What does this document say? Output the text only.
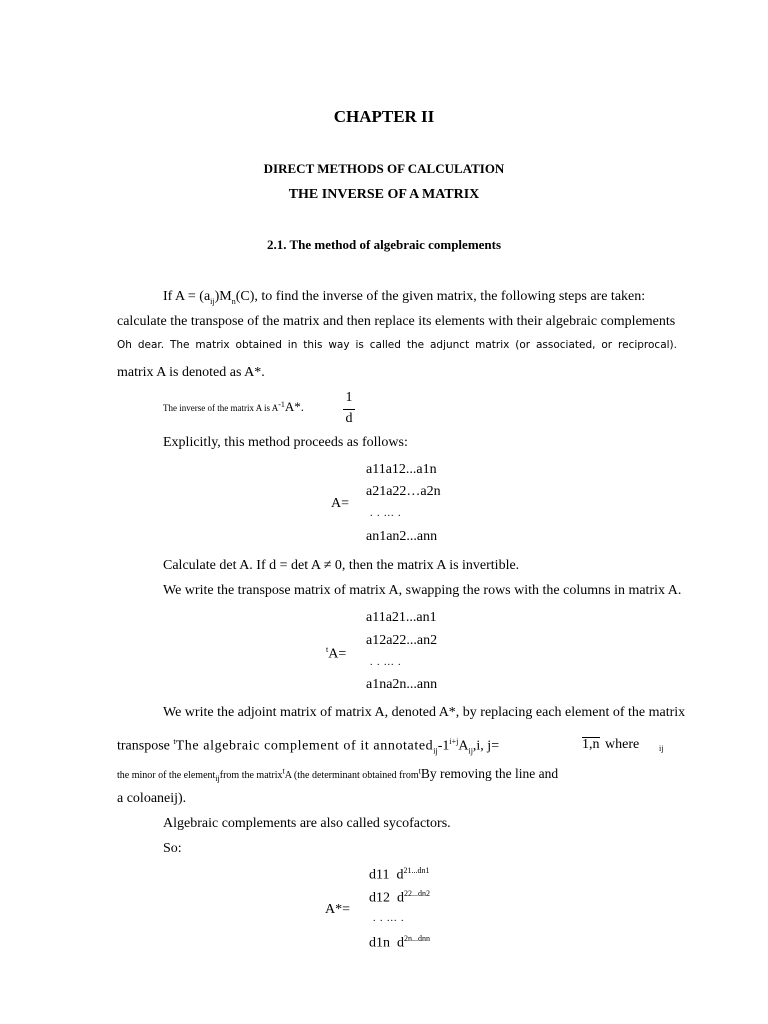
CHAPTER II
DIRECT METHODS OF CALCULATION
THE INVERSE OF A MATRIX
2.1. The method of algebraic complements
If $A = (a_{ij})M_n(C)$, to find the inverse of the given matrix, the following steps are taken:
calculate the transpose of the matrix and then replace its elements with their algebraic complements
Oh dear. The matrix obtained in this way is called the adjunct matrix (or associated, or reciprocal).
matrix A is denoted as A*.
The inverse of the matrix A is $A^{-1}A*$.
1
d
Explicitly, this method proceeds as follows:
A=
a11a12...a1n
a21a22…a2n
. . ... .
an1an2...ann
Calculate det A. If d = det A ≠ 0, then the matrix A is invertible.
We write the transpose matrix of matrix A, swapping the rows with the columns in matrix A.
$^t$A=
a11a21...an1
a12a22...an2
. . ... .
a1na2n...ann
We write the adjoint matrix of matrix A, denoted A*, by replacing each element of the matrix
transpose $^t$The algebraic complement of it $annotated_{ij}-1^{i+j}A_{ij},i$, j=	1,n where ij
the minor of the element$_{ij}$from the matrix$^t$A (the determinant obtained from$^t$By removing the line and
a coloaneij).
Algebraic complements are also called sycofactors.
So:
A*=
d11 $d^{21...dn1}$
d12 $d^{22...dn2}$
. . ... .
d1n $d^{2n...dnn}$
